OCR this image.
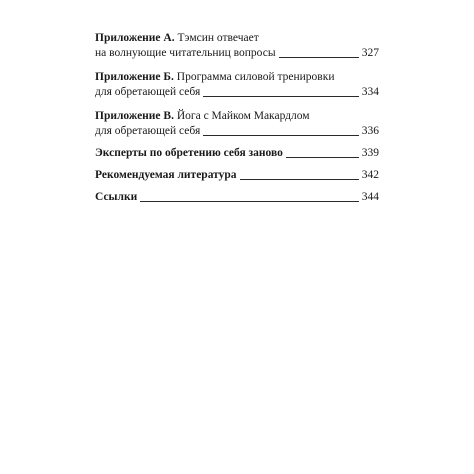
Приложение А. Тэмсин отвечает
на волнующие читательниц вопросы	327
Приложение Б. Программа силовой тренировки
для обретающей себя	334
Приложение В. Йога с Майком Макардлом
для обретающей себя	336
Эксперты по обретению себя заново	339
Рекомендуемая литература	342
Ссылки	344
